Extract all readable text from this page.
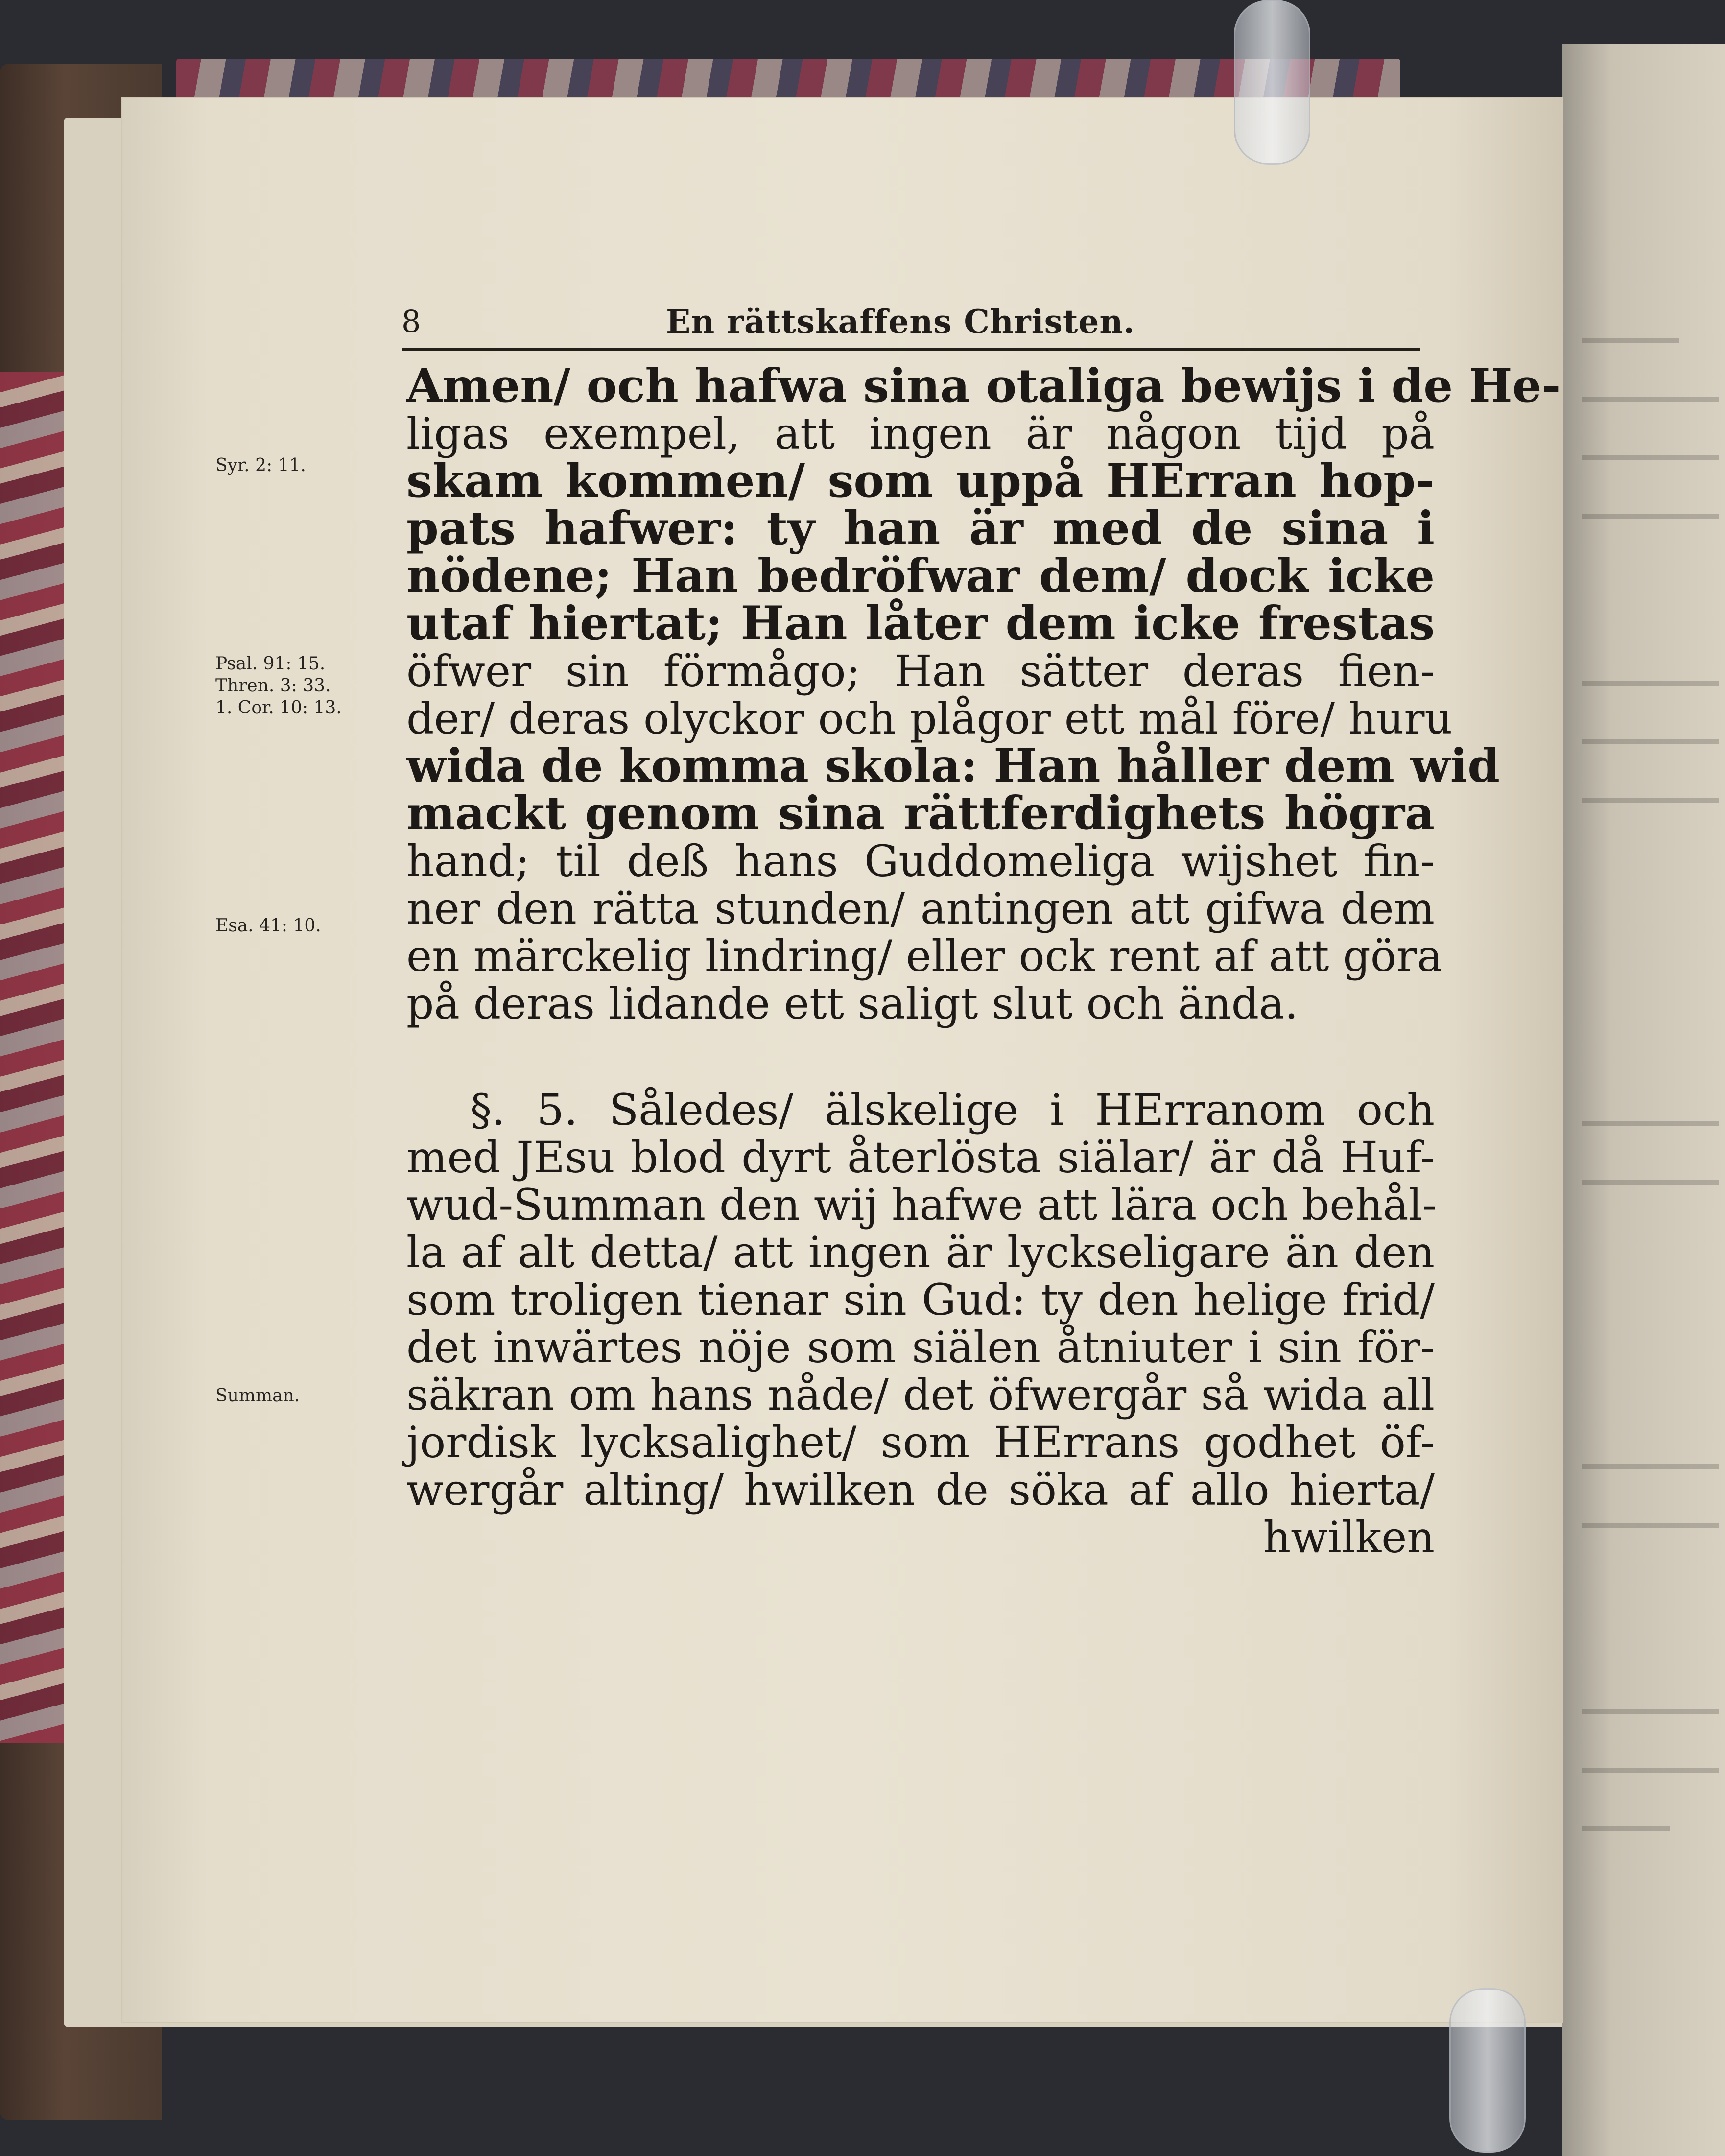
8	En rättskaffens Christen.
Syr. 2: 11.
Psal. 91: 15.
Thren. 3: 33.
1. Cor. 10: 13.
Esa. 41: 10.
Summan.
Amen/ och hafwa sina otaliga bewijs i de He-
ligas exempel, att ingen är någon tijd på
skam kommen/ som uppå HErran hop-
pats hafwer: ty han är med de sina i
nödene; Han bedröfwar dem/ dock icke
utaf hiertat; Han låter dem icke frestas
öfwer sin förmågo; Han sätter deras fien-
der/ deras olyckor och plågor ett mål före/ huru
wida de komma skola: Han håller dem wid
mackt genom sina rättferdighets högra
hand; til deß hans Guddomeliga wijshet fin-
ner den rätta stunden/ antingen att gifwa dem
en märckelig lindring/ eller ock rent af att göra
på deras lidande ett saligt slut och ända.
§. 5. Således/ älskelige i HErranom och
med JEsu blod dyrt återlösta siälar/ är då Huf-
wud-Summan den wij hafwe att lära och behål-
la af alt detta/ att ingen är lyckseligare än den
som troligen tienar sin Gud: ty den helige frid/
det inwärtes nöje som siälen åtniuter i sin för-
säkran om hans nåde/ det öfwergår så wida all
jordisk lycksalighet/ som HErrans godhet öf-
wergår alting/ hwilken de söka af allo hierta/
hwilken
